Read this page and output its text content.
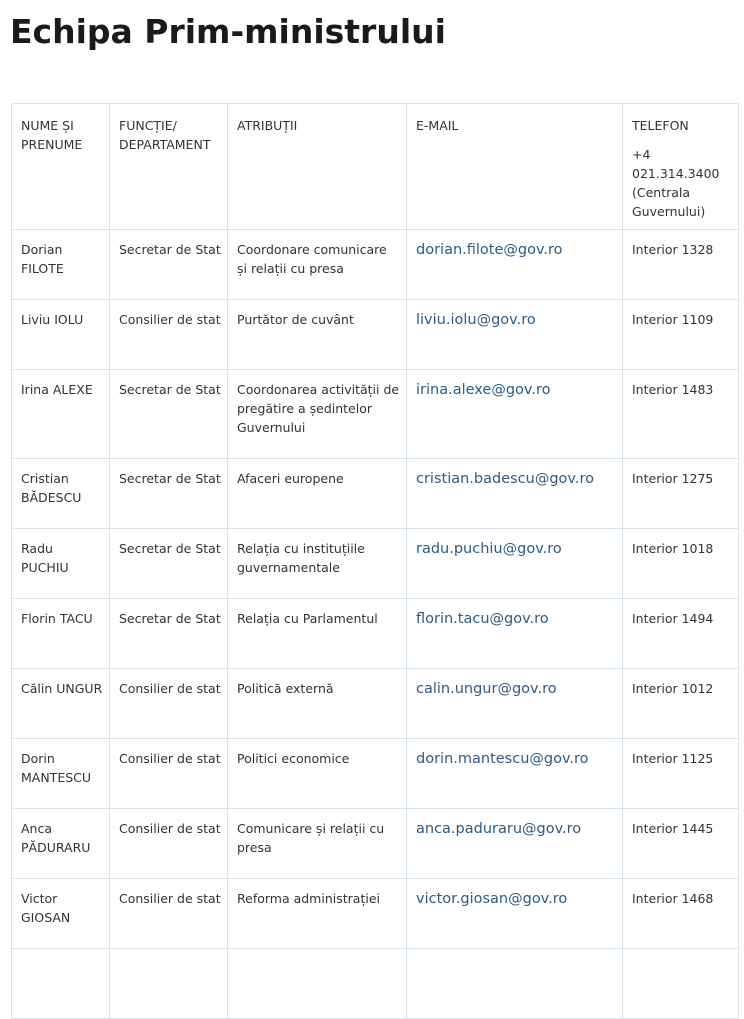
Echipa Prim-ministrului
NUME ȘI PRENUME	FUNCȚIE/ DEPARTAMENT	ATRIBUȚII	E-MAIL	TELEFON
+4 021.314.3400 (Centrala Guvernului)

Dorian FILOTE	Secretar de Stat	Coordonare comunicare și relații cu presa	dorian.filote@gov.ro	Interior 1328
Liviu IOLU	Consilier de stat	Purtător de cuvânt	liviu.iolu@gov.ro	Interior 1109
Irina ALEXE	Secretar de Stat	Coordonarea activității de pregătire a ședintelor Guvernului	irina.alexe@gov.ro	Interior 1483
Cristian BĂDESCU	Secretar de Stat	Afaceri europene	cristian.badescu@gov.ro	Interior 1275
Radu PUCHIU	Secretar de Stat	Relația cu instituțiile guvernamentale	radu.puchiu@gov.ro	Interior 1018
Florin TACU	Secretar de Stat	Relația cu Parlamentul	florin.tacu@gov.ro	Interior 1494
Călin UNGUR	Consilier de stat	Politică externă	calin.ungur@gov.ro	Interior 1012
Dorin MANTESCU	Consilier de stat	Politici economice	dorin.mantescu@gov.ro	Interior 1125
Anca PĂDURARU	Consilier de stat	Comunicare și relații cu presa	anca.paduraru@gov.ro	Interior 1445
Victor GIOSAN	Consilier de stat	Reforma administrației	victor.giosan@gov.ro	Interior 1468
